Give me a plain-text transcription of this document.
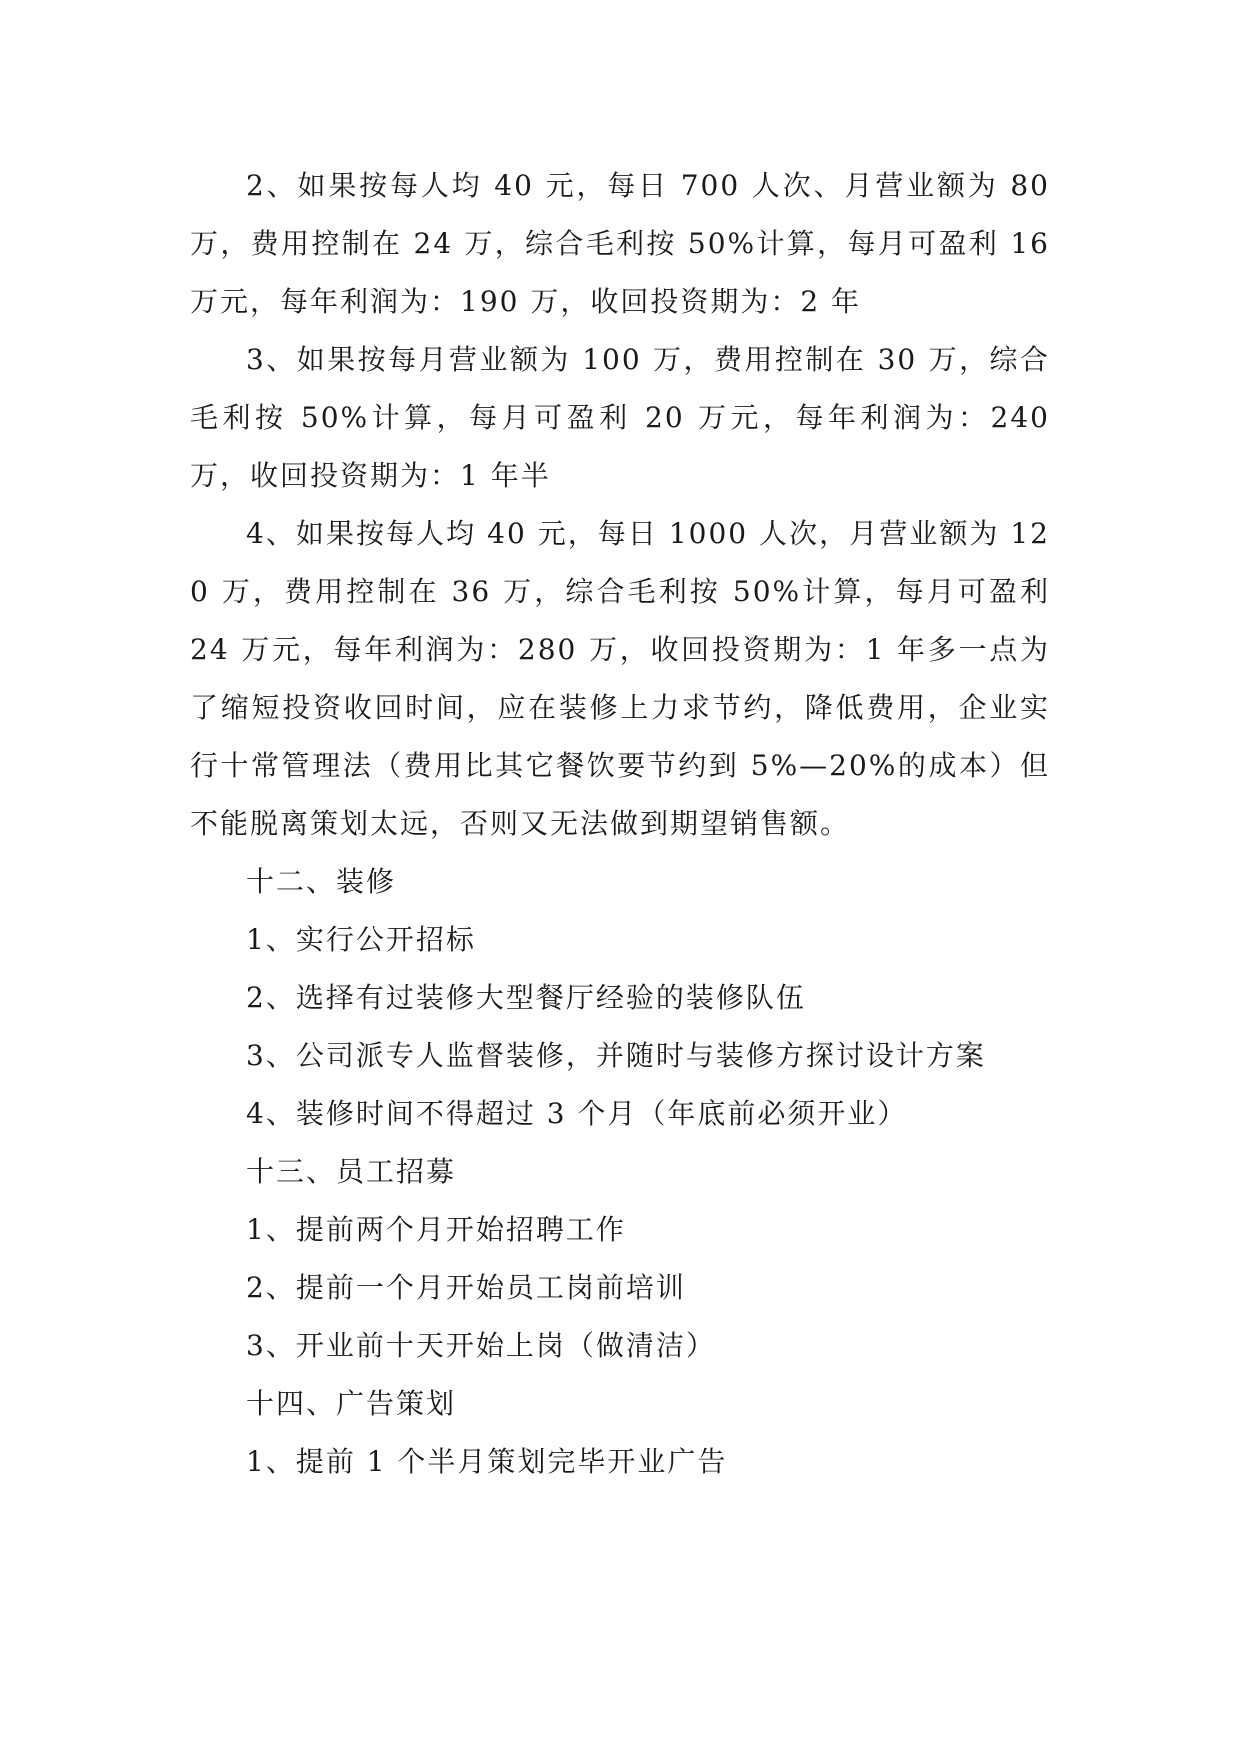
2、如果按每人均 40 元，每日 700 人次、月营业额为 80 万，费用控制在 24 万，综合毛利按 50%计算，每月可盈利 16 万元，每年利润为：190 万，收回投资期为：2 年

3、如果按每月营业额为 100 万，费用控制在 30 万，综合毛利按 50%计算，每月可盈利 20 万元，每年利润为：240 万，收回投资期为：1 年半

4、如果按每人均 40 元，每日 1000 人次，月营业额为 120 万，费用控制在 36 万，综合毛利按 50%计算，每月可盈利 24 万元，每年利润为：280 万，收回投资期为：1 年多一点为了缩短投资收回时间，应在装修上力求节约，降低费用，企业实行十常管理法（费用比其它餐饮要节约到 5%—20%的成本）但不能脱离策划太远，否则又无法做到期望销售额。

十二、装修

1、实行公开招标

2、选择有过装修大型餐厅经验的装修队伍

3、公司派专人监督装修，并随时与装修方探讨设计方案

4、装修时间不得超过 3 个月（年底前必须开业）

十三、员工招募

1、提前两个月开始招聘工作

2、提前一个月开始员工岗前培训

3、开业前十天开始上岗（做清洁）

十四、广告策划

1、提前 1 个半月策划完毕开业广告
